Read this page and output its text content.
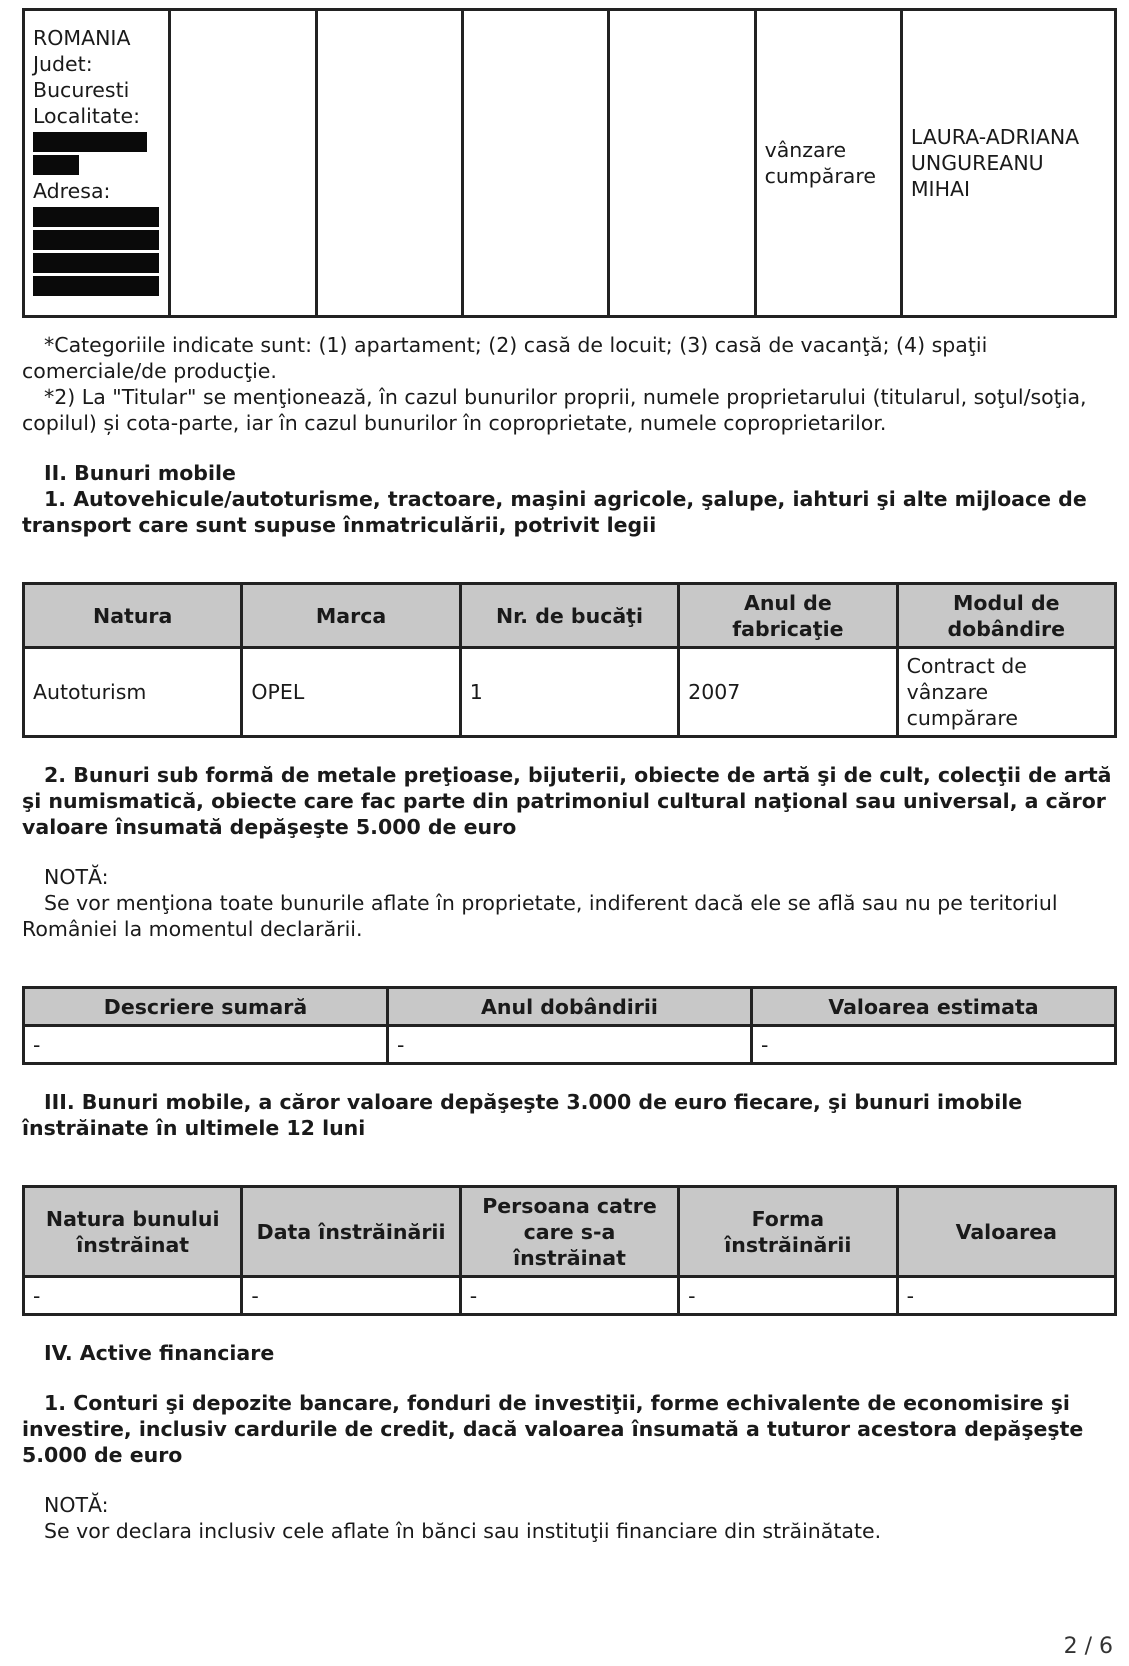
ROMANIA
Judet:
Bucuresti
Localitate:
Adresa:
					vânzare cumpărare	LAURA-ADRIANA UNGUREANU MIHAI

*Categoriile indicate sunt: (1) apartament; (2) casă de locuit; (3) casă de vacanţă; (4) spaţii comerciale/de producţie.

*2) La "Titular" se menţionează, în cazul bunurilor proprii, numele proprietarului (titularul, soţul/soţia, copilul) și cota-parte, iar în cazul bunurilor în coproprietate, numele coproprietarilor.

II. Bunuri mobile

1. Autovehicule/autoturisme, tractoare, maşini agricole, şalupe, iahturi şi alte mijloace de transport care sunt supuse înmatriculării, potrivit legii

Natura	Marca	Nr. de bucăţi	Anul de fabricaţie	Modul de dobândire
Autoturism	OPEL	1	2007	Contract de vânzare cumpărare

2. Bunuri sub formă de metale preţioase, bijuterii, obiecte de artă şi de cult, colecţii de artă şi numismatică, obiecte care fac parte din patrimoniul cultural naţional sau universal, a căror valoare însumată depăşeşte 5.000 de euro

NOTĂ:

Se vor menţiona toate bunurile aflate în proprietate, indiferent dacă ele se află sau nu pe teritoriul României la momentul declarării.

Descriere sumară	Anul dobândirii	Valoarea estimata
-	-	-

III. Bunuri mobile, a căror valoare depăşeşte 3.000 de euro fiecare, şi bunuri imobile înstrăinate în ultimele 12 luni

Natura bunului înstrăinat	Data înstrăinării	Persoana catre care s-a înstrăinat	Forma înstrăinării	Valoarea
-	-	-	-	-

IV. Active financiare

1. Conturi şi depozite bancare, fonduri de investiţii, forme echivalente de economisire şi investire, inclusiv cardurile de credit, dacă valoarea însumată a tuturor acestora depăşeşte 5.000 de euro

NOTĂ:

Se vor declara inclusiv cele aflate în bănci sau instituţii financiare din străinătate.

2 / 6
